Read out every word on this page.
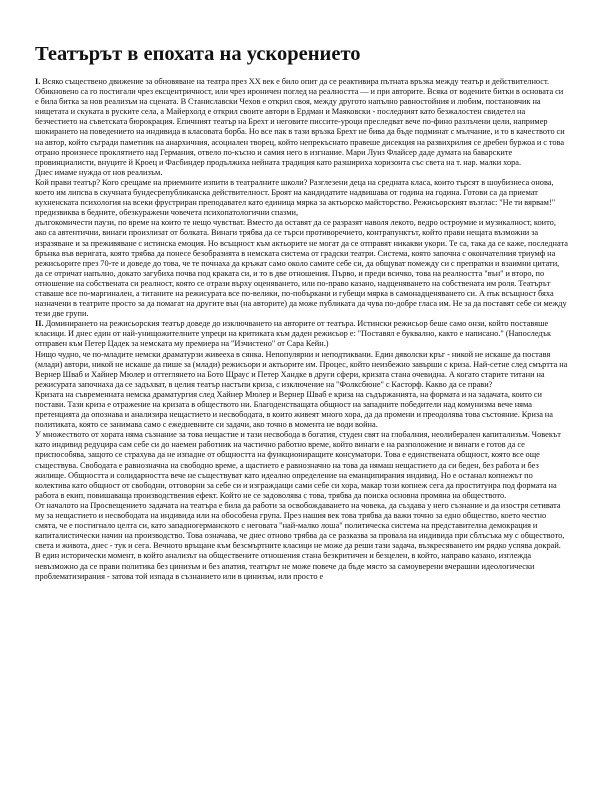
Театърът в епохата на ускорението

I. Всяко съществено движение за обновяване на театра през ХХ век е било опит да се реактивира пътната връзка между театър и действителност. Обикновено са го постигали чрез ексцентричност, или чрез ироничен поглед на реалността — и при авторите. Всяка от водените битки в основата си е била битка за нов реализъм на сцената. В Станиславски Чехов е открил своя, между другото напълно равностойния и любим, постановчик на нищетата и скуката в руските села, а Майерхолд е открил своите автори в Ердман и Маяковски - последният като безжалостен свидетел на безчестието на съветската бюрокрация. Епичният театър на Брехт и неговите писсите-уроци преследват вече по-фино разлъчени цели, например шокирането на поведението на индивида в класовата борба. Но все пак в тази връзка Брехт не бива да бъде подминат с мълчание, и то в качеството си на автор, който съгради паметник на анархичния, асоциален творец, който непрекъснато правеше дисекция на развихрилия се дребен буржоа и с това отрано произнесе проклятието над Германия, отвело по-късно и самия него в изгнание. Мари Луиз Флайсер даде думата на баварските провинциалисти, внуците й Кроец и Фасбиндер продължиха нейната традиция като разшириха хоризонта със света на т. нар. малки хора.

Днес имаме нужда от нов реализъм.

Кой прави театър? Кого срещаме на приемните изпити в театралните школи? Разглезени деца на средната класа, които търсят в шоубизнеса онова, което им липсва в скучната бундесрепубликанска действителност. Броят на кандидатите надвишава от година на година. Готови са да приемат кухненската психология на всеки фрустриран преподавател като единица мярка за актьорско майсторство. Режисьорският възглас: "Не ти вярвам!" предизвиква в бедните, обезкуражени човечета психопатологични спазми,

дългокомичести паузи, по време на които те нещо чувстват. Вместо да оставят да се разразят наволя лекото, ведро остроумие и музикалност, които, ако са автентични, винаги произлизат от болката. Винаги трябва да се търси противоречието, контрапунктът, който прави нещата възможни за изразяване и за преживяване с истинска емоция. Но всъщност към актьорите не могат да се отправят никакви укори. Те са, така да се каже, последната брънка във веригата, която трябва да понесе безобразията в немската система от градски театри. Система, която започна с окончателния триумф на режисьорите през 70-те и доведе до това, че те почнаха да кръжат само около самите себе си, да общуват помежду си с препратки и взаимни цитати, да се отричат напълно, докато загубиха почва под краката си, и то в две отношения. Първо, и преди всичко, това на реалността "вън" и второ, по отношение на собствената си реалност, която се отрази върху оценяването, или по-право казано, надценяването на собствената им роля. Театърът ставаше все по-маргинален, а титаните на режисурата все по-велики, по-побъркани и губещи мярка в самонадценяването си. А пък всъщност бяха назначени в театрите просто за да помагат на другите вън (на авторите) да може публиката да чува по-добре гласа им. Не за да поставят себе си между тези две групи.

II. Доминирането на режисьорския театър доведе до изключването на авторите от театъра. Истински режисьор беше само онзи, който поставяше класици. И днес един от най-унищожителните упреци на критиката към даден режисьор е: "Поставял е буквално, както е написано." (Напоследък отправен към Петер Цадек за немската му премиера на "Изчистено" от Сара Кейн.)

Нищо чудно, че по-младите немски драматурзи живееха в сянка. Непопулярни и неподтиквани. Един дяволски кръг - никой не искаше да поставя (млади) автори, никой не искаше да пише за (млади) режисьори и актьорите им. Процес, който неизбежно завърши с криза. Най-сетне след смъртта на Вернер Шваб и Хайнер Мюлер и оттеглянето на Бото Щраус и Петер Хандке в други сфери, кризата стана очевидна. А когато старите титани на режисурата започнаха да се задъхват, в целия театър настъпи криза, с изключение на "Фолксбюне" с Касторф. Какво да се прави?

Кризата на съвременната немска драматургия след Хайнер Мюлер и Вернер Шваб е криза на съдържанията, на формата и на задачата, които си постави. Тази криза е отражение на кризата в обществото ни. Благоденстващата общност на западните победители над комунизма вече няма претенцията да опознава и анализира нещастието и несвободата, в които живеят много хора, да да промени и преодолява това състояние. Криза на политиката, която се занимава само с ежедневните си задачи, ако точно в момента не води война.

У множеството от хората няма съзнание за това нещастие и тази несвобода в богатия, студен свят на глобалния, неолиберален капитализъм. Човекът като индивид редуцира сам себе си до наемен работник на частично работно време, който винаги е на разположение и винаги е готов да се приспособява, защото се страхува да не изпадне от общността на функциониращите консуматори. Това е единствената общност, която все още съществува. Свободата е равнозначна на свободно време, а щастието е равнозначно на това да нямаш нещастието да си беден, без работа и без жилище. Общността и солидарността вече не съществуват като идеално определение на еманципирания индивид. Но е останал копнежът по колектива като общност от свободни, отговорни за себе си и изграждащи сами себе си хора, макар този копнеж сега да проституира под формата на работа в екип, повишаваща производствения ефект. Който не се задоволява с това, трябва да поиска основна промяна на обществото.

От началото на Просвещението задачата на театъра е била да работи за освобождаването на човека, да създава у него съзнание и да изостря сетивата му за нещастието и несвободата на индивида или на обособена група. През нашия век това трябва да важи точно за едно общество, което честно смята, че е постигнало целта си, като западногерманското с неговата "най-малко лоша" политическа система на представителна демокрация и капиталистически начин на производство. Това означава, че днес отново трябва да се разказва за провала на индивида при сблъсъка му с обществото, света и живота, днес - тук и сега. Вечното връщане към безсмъртните класици не може да реши тази задача, възкресяването им рядко успява докрай.

В един исторически момент, в който анализът на обществените отношения стана безкритичен и безцелен, в който, направо казано, изглежда невъзможно да се прави политика без цинизъм и без апатия, театърът не може повече да бъде място за самоуверени вчерашни идеологически проблематизирания - затова той изпада в съзнанието или в цинизъм, или просто е
